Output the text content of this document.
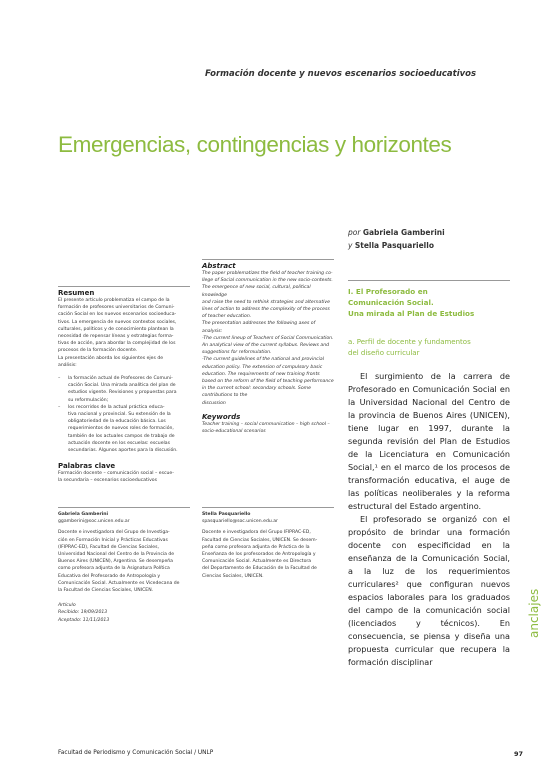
Formación docente y nuevos escenarios socioeducativos
Emergencias, contingencias y horizontes
por Gabriela Gamberini
y Stella Pasquariello
Resumen
El presente artículo problematiza el campo de la
formación de profesores universitarios de Comuni-
cación Social en los nuevos escenarios socioeduca-
tivos. La emergencia de nuevos contextos sociales,
culturales, políticos y de conocimiento plantean la
necesidad de repensar líneas y estrategias forma-
tivas de acción, para abordar la complejidad de los
procesos de la formación docente.
La presentación aborda los siguientes ejes de
análisis:
– la formación actual de Profesores de Comuni-
cación Social. Una mirada analítica del plan de
estudios vigente. Revisiones y propuestas para
su reformulación;
– los recorridos de la actual práctica educa-
tiva nacional y provincial. Su extensión de la
obligatoriedad de la educación básica. Los
requerimientos de nuevos roles de formación,
también de los actuales campos de trabajo de
actuación docente en los escuelas: escuelas
secundarias. Algunos aportes para la discusión.
Palabras clave
Formación docente – comunicación social – escue-
la secundaria – escenarios socioeducativos
Abstract
The paper problematizes the field of teacher training co-
llege of Social communication in the new socio-contexts.
The emergence of new social, cultural, political knowledge
and raise the need to rethink strategies and alternative
lines of action to address the complexity of the process
of teacher education.
The presentation addresses the following axes of
analysis:
-The current lineup of Teachers of Social Communication.
An analytical view of the current syllabus. Reviews and
suggestions for reformulation.
-The current guidelines of the national and provincial
education policy. The extension of compulsory basic
education. The requirements of new training fronts
based on the reform of the field of teaching performance
in the current school: secondary schools. Some contributions to the
discussion
Keywords
Teacher training – social communication – high school –
socio-educational scenarios
Gabriela Gamberini
ggamberini@soc.unicen.edu.ar
Docente e investigadora del Grupo de Investiga-
ción en Formación Inicial y Prácticas Educativas
(IFIPRAC-ED), Facultad de Ciencias Sociales,
Universidad Nacional del Centro de la Provincia de
Buenos Aires (UNICEN), Argentina. Se desempeña
como profesora adjunta de la Asignatura Política
Educativa del Profesorado de Antropología y
Comunicación Social. Actualmente es Vicedecana de
la Facultad de Ciencias Sociales, UNICEN.
Artículo
Recibido: 19/09/2013
Aceptado: 11/11/2013
Stella Pasquariello
spasquariello@soc.unicen.edu.ar
Docente e investigadora del Grupo IFIPRAC-ED,
Facultad de Ciencias Sociales, UNICEN. Se desem-
peña como profesora adjunta de Práctica de la
Enseñanza de los profesorados de Antropología y
Comunicación Social. Actualmente es Directora
del Departamento de Educación de la Facultad de
Ciencias Sociales, UNICEN.
I. El Profesorado en
Comunicación Social.
Una mirada al Plan de Estudios
a. Perfil de docente y fundamentos
del diseño curricular

El surgimiento de la carrera de Profesorado en Comunicación Social en la Universidad Nacional del Centro de la provincia de Buenos Aires (UNICEN), tiene lugar en 1997, durante la segunda revisión del Plan de Estudios de la Licenciatura en Comunicación Social,¹ en el marco de los procesos de transformación educativa, el auge de las políticas neoliberales y la reforma estructural del Estado argentino.

El profesorado se organizó con el propósito de brindar una formación docente con especificidad en la enseñanza de la Comunicación Social, a la luz de los requerimientos curriculares² que configuran nuevos espacios laborales para los graduados del campo de la comunicación social (licenciados y técnicos). En consecuencia, se piensa y diseña una propuesta curricular que recupera la formación disciplinar

anclajes
Facultad de Periodismo y Comunicación Social / UNLP	97
